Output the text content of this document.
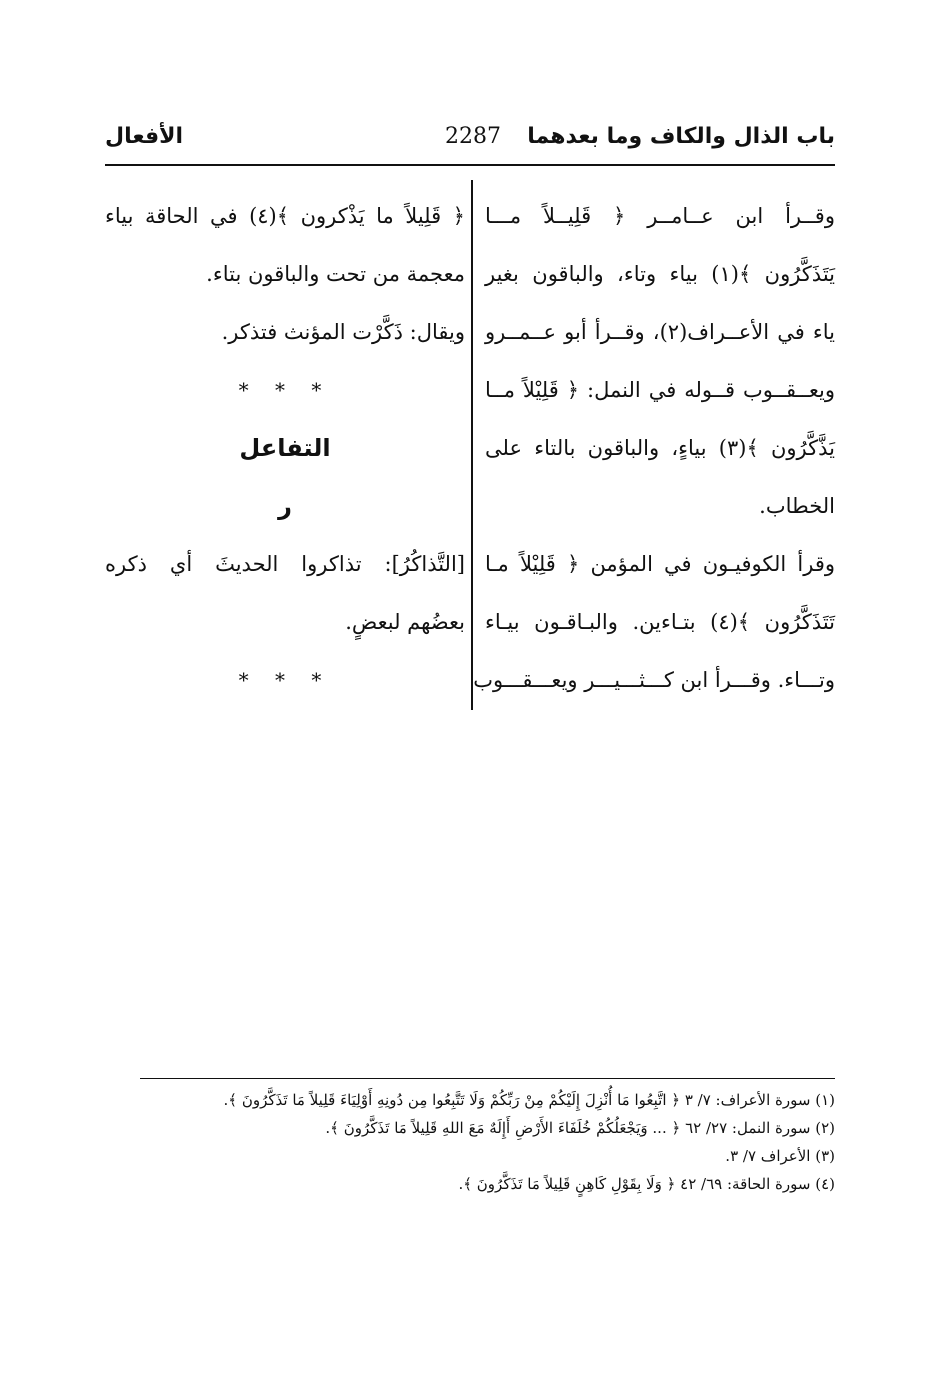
باب الذال والكاف وما بعدهما
2287
الأفعال
وقــرأ ابن عــامــر ﴿ قَلِيــلاً مـــا
يَتَذَكَّرُون ﴾(١) بياء وتاء، والباقون بغير
ياء في الأعــراف(٢)، وقــرأ أبو عــمــرو
ويعــقــوب قــوله في النمل: ﴿ قَلِيْلاً مــا
يَذَّكَّرُون ﴾(٣) بياءٍ، والباقون بالتاء على
الخطاب.
وقرأ الكوفيـون في المؤمن ﴿ قَلِيْلاً مـا
تَتَذَكَّرُون ﴾(٤) بتـاءين. والبـاقـون بيـاء
وتـــاء. وقـــرأ ابن كـــثـــيـــر ويعـــقـــوب
﴿ قَلِيلاً ما يَذْكرون ﴾(٤) في الحاقة بياء
معجمة من تحت والباقون بتاء.
ويقال: ذَكَّرْت المؤنث فتذكر.
* * *
التفاعل
ر
[التَّذاكُرُ]: تذاكروا الحديثَ أي ذكره
بعضُهم لبعضٍ.
* * *
(١) سورة الأعراف: ٧/ ٣ ﴿ اتَّبِعُوا مَا أُنْزِلَ إِلَيْكُمْ مِنْ رَبِّكُمْ وَلَا تَتَّبِعُوا مِن دُونِهِ أَوْلِيَاءَ قَلِيلاً مَا تَذَكَّرُونَ ﴾.
(٢) سورة النمل: ٢٧/ ٦٢ ﴿ ... وَيَجْعَلُكُمْ خُلَفَاءَ الأَرْضِ أَإِلَهٌ مَعَ اللهِ قَلِيلاً مَا تَذَكَّرُونَ ﴾.
(٣) الأعراف ٧/ ٣.
(٤) سورة الحاقة: ٦٩/ ٤٢ ﴿ وَلَا بِقَوْلِ كَاهِنٍ قَلِيلاً مَا تَذَكَّرُونَ ﴾.
